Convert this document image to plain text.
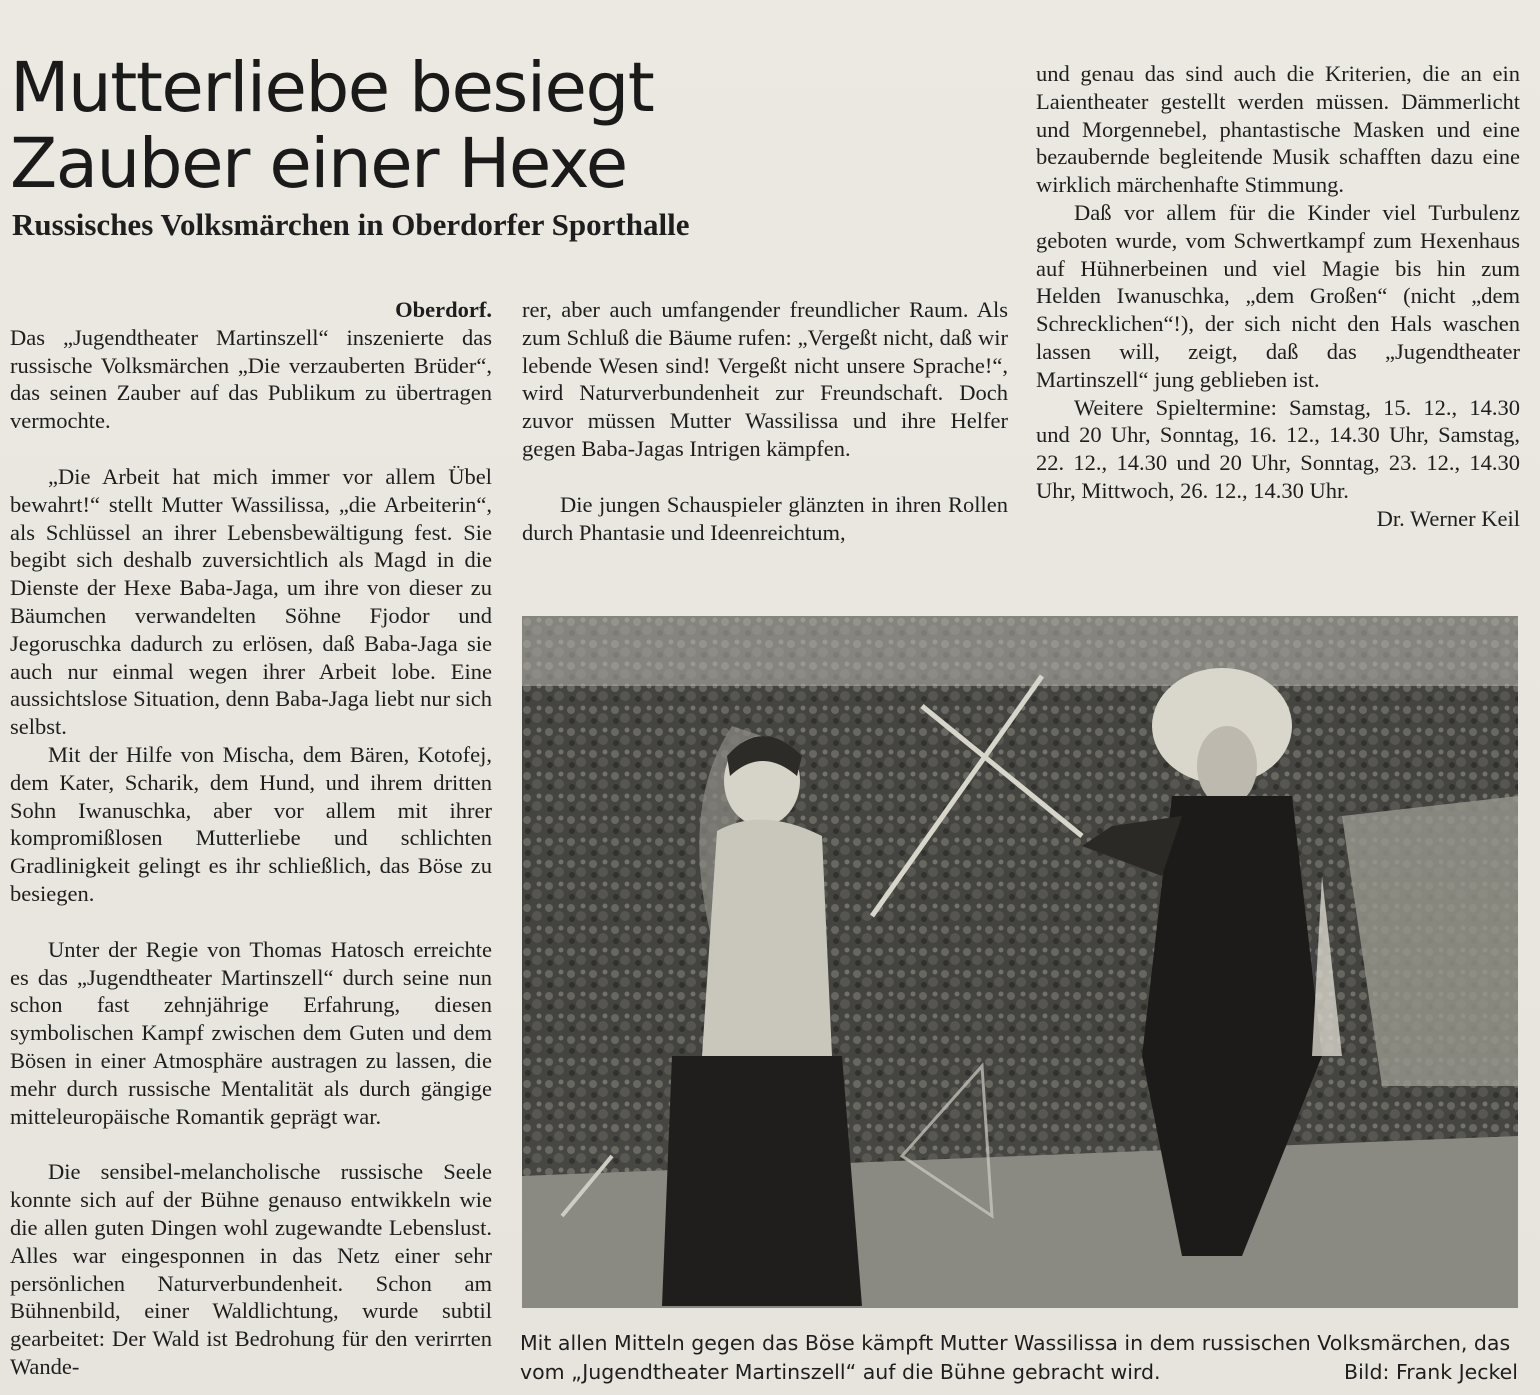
Mutterliebe besiegt
Zauber einer Hexe
Russisches Volksmärchen in Oberdorfer Sporthalle
Oberdorf.

Das „Jugendtheater Martinszell“ inszenierte das russische Volksmärchen „Die verzauberten Brüder“, das seinen Zauber auf das Publikum zu übertragen vermochte.

„Die Arbeit hat mich immer vor allem Übel bewahrt!“ stellt Mutter Wassilissa, „die Arbeiterin“, als Schlüssel an ihrer Lebensbewältigung fest. Sie begibt sich deshalb zuversichtlich als Magd in die Dienste der Hexe Baba-Jaga, um ihre von dieser zu Bäumchen verwandelten Söhne Fjodor und Jegoruschka dadurch zu erlösen, daß Baba-Jaga sie auch nur einmal wegen ihrer Arbeit lobe. Eine aussichtslose Situation, denn Baba-Jaga liebt nur sich selbst.

Mit der Hilfe von Mischa, dem Bären, Kotofej, dem Kater, Scharik, dem Hund, und ihrem dritten Sohn Iwanuschka, aber vor allem mit ihrer kompromißlosen Mutterliebe und schlichten Gradlinigkeit gelingt es ihr schließlich, das Böse zu besiegen.

Unter der Regie von Thomas Hatosch erreichte es das „Jugendtheater Martinszell“ durch seine nun schon fast zehnjährige Erfahrung, diesen symbolischen Kampf zwischen dem Guten und dem Bösen in einer Atmosphäre austragen zu lassen, die mehr durch russische Mentalität als durch gängige mitteleuropäische Romantik geprägt war.

Die sensibel-melancholische russische Seele konnte sich auf der Bühne genauso entwikkeln wie die allen guten Dingen wohl zugewandte Lebenslust. Alles war eingesponnen in das Netz einer sehr persönlichen Naturverbundenheit. Schon am Bühnenbild, einer Waldlichtung, wurde subtil gearbeitet: Der Wald ist Bedrohung für den verirrten Wande-

rer, aber auch umfangender freundlicher Raum. Als zum Schluß die Bäume rufen: „Vergeßt nicht, daß wir lebende Wesen sind! Vergeßt nicht unsere Sprache!“, wird Naturverbundenheit zur Freundschaft. Doch zuvor müssen Mutter Wassilissa und ihre Helfer gegen Baba-Jagas Intrigen kämpfen.

Die jungen Schauspieler glänzten in ihren Rollen durch Phantasie und Ideenreichtum,

und genau das sind auch die Kriterien, die an ein Laientheater gestellt werden müssen. Dämmerlicht und Morgennebel, phantastische Masken und eine bezaubernde begleitende Musik schafften dazu eine wirklich märchenhafte Stimmung.

Daß vor allem für die Kinder viel Turbulenz geboten wurde, vom Schwertkampf zum Hexenhaus auf Hühnerbeinen und viel Magie bis hin zum Helden Iwanuschka, „dem Großen“ (nicht „dem Schrecklichen“!), der sich nicht den Hals waschen lassen will, zeigt, daß das „Jugendtheater Martinszell“ jung geblieben ist.

Weitere Spieltermine: Samstag, 15. 12., 14.30 und 20 Uhr, Sonntag, 16. 12., 14.30 Uhr, Samstag, 22. 12., 14.30 und 20 Uhr, Sonntag, 23. 12., 14.30 Uhr, Mittwoch, 26. 12., 14.30 Uhr.
Dr. Werner Keil

Mit allen Mitteln gegen das Böse kämpft Mutter Wassilissa in dem russischen Volksmärchen, das vom „Jugendtheater Martinszell“ auf die Bühne gebracht wird.	Bild: Frank Jeckel
